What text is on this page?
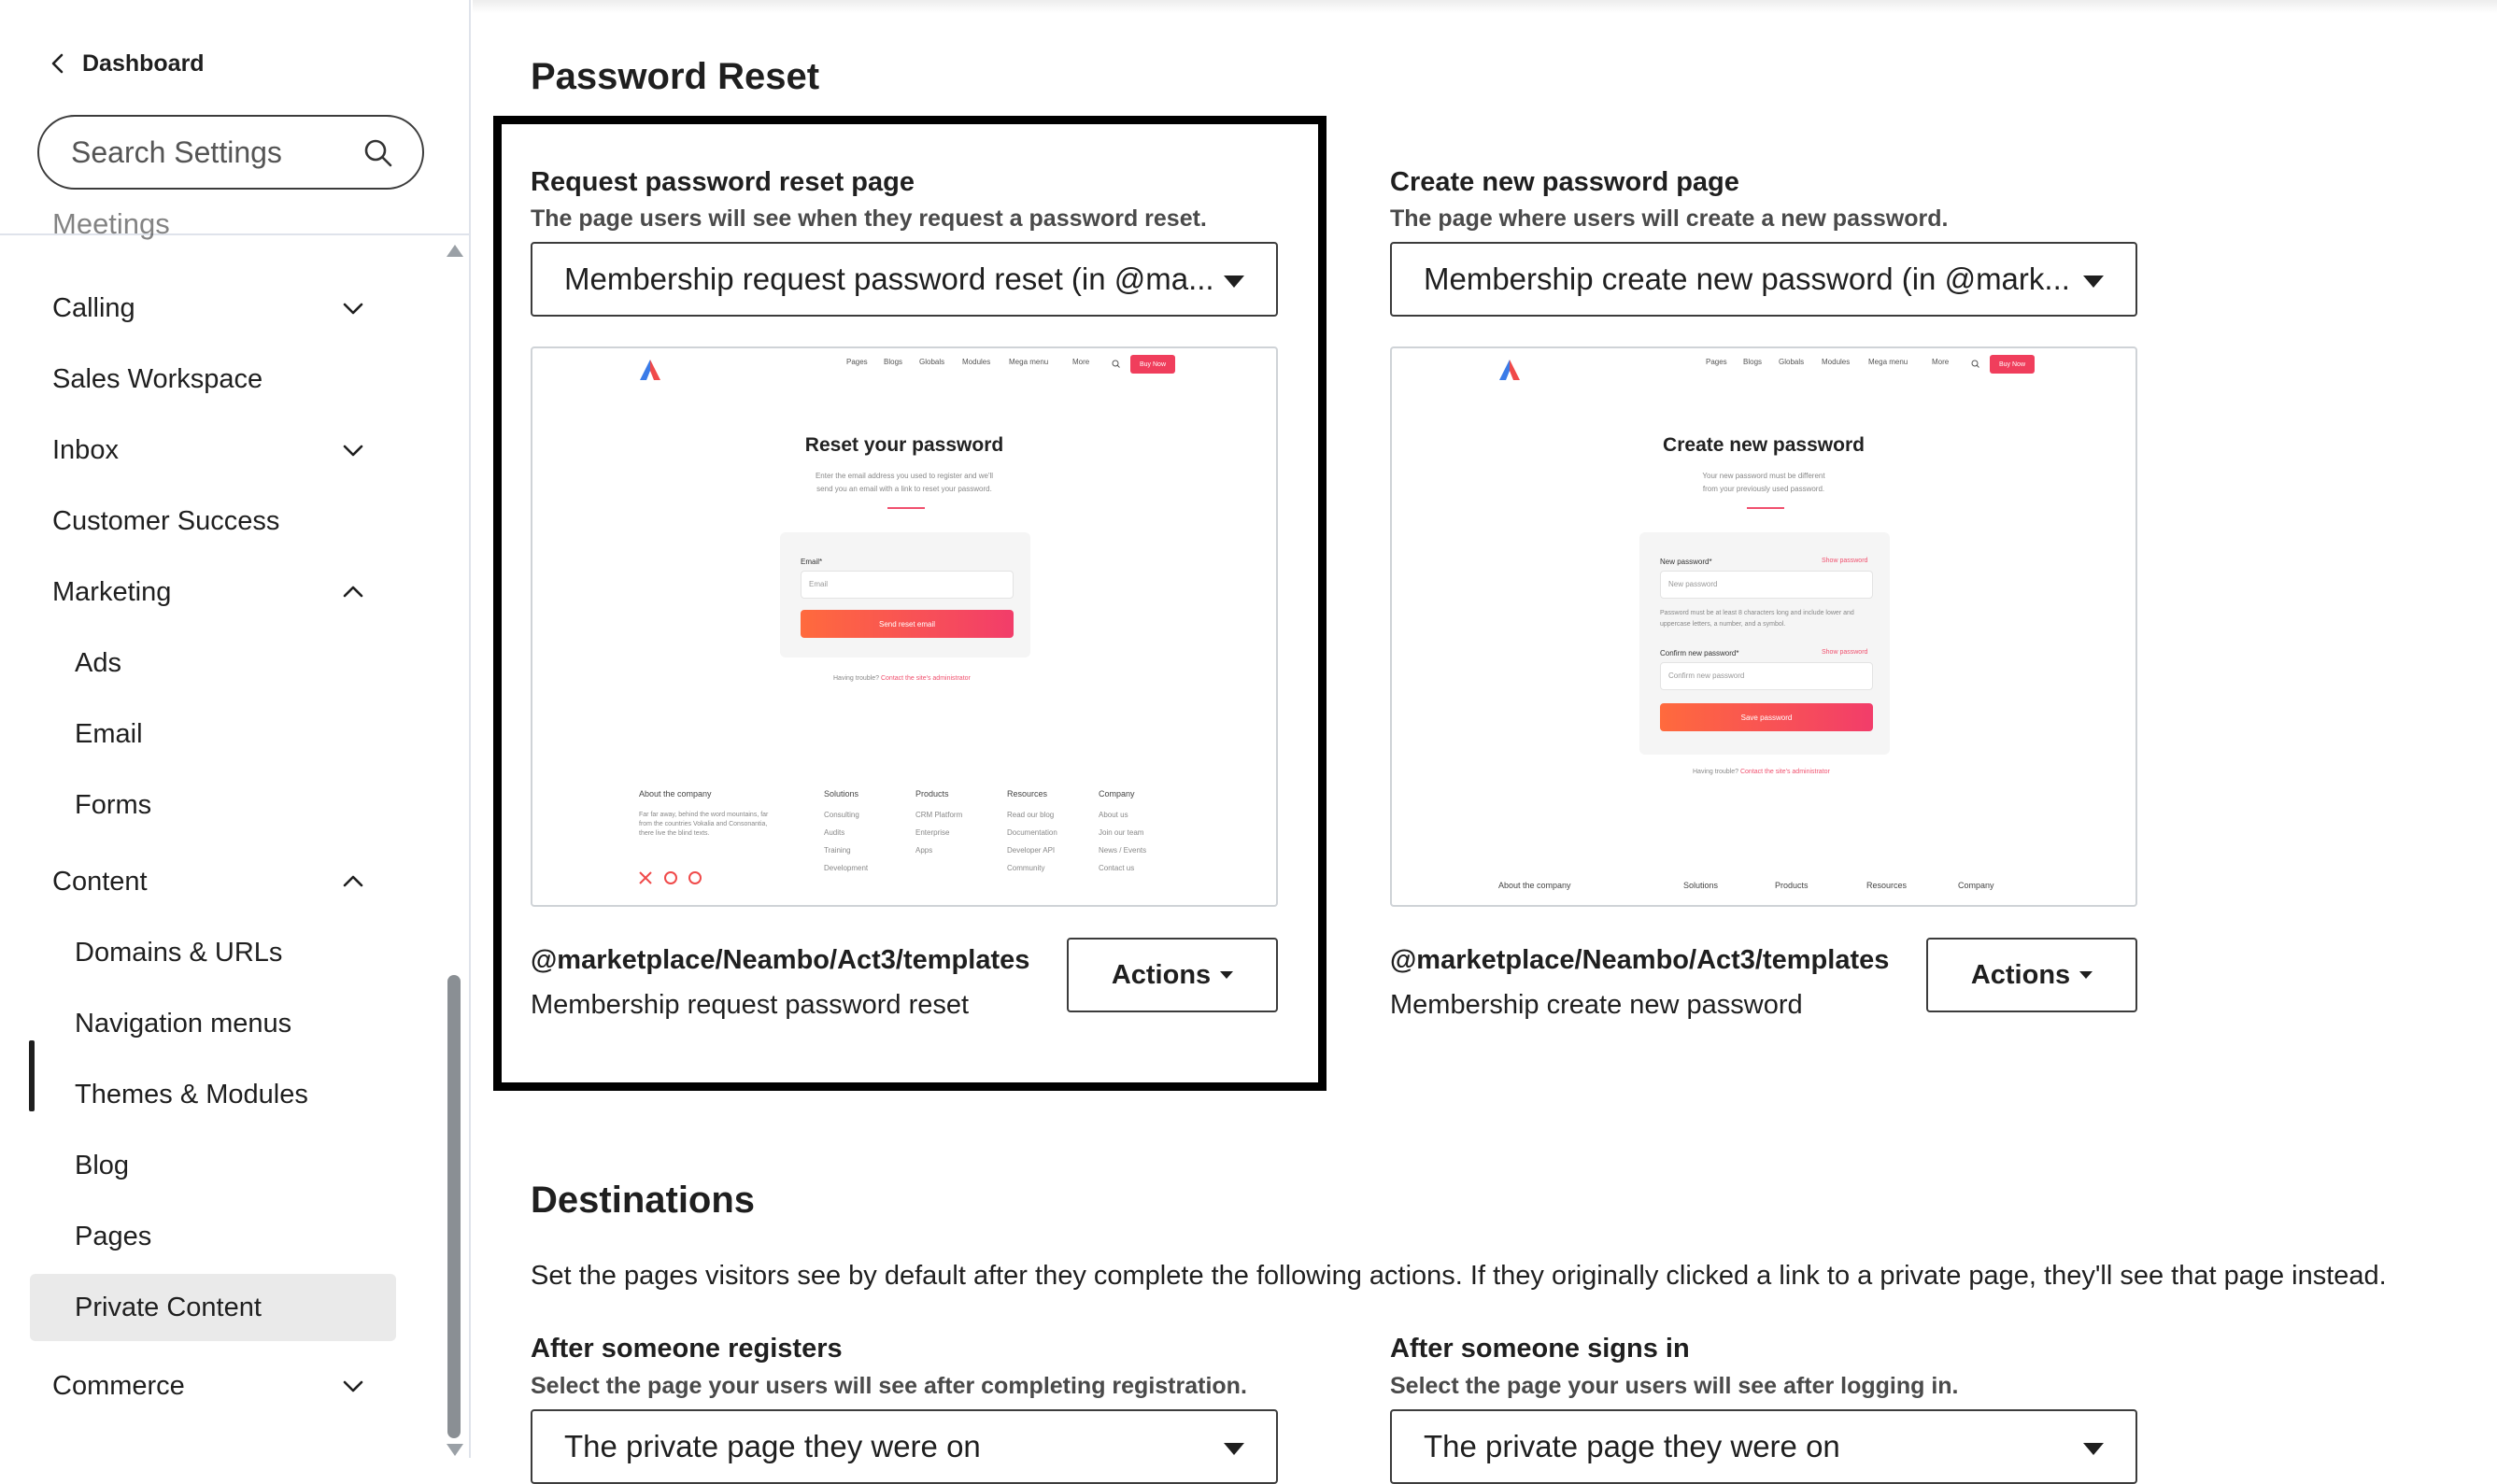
Dashboard
Search Settings
Meetings
Calling
Sales Workspace
Inbox
Customer Success
Marketing
Ads
Email
Forms
Content
Domains & URLs
Navigation menus
Themes & Modules
Blog
Pages
Private Content
Commerce
Password Reset
Request password reset page
The page users will see when they request a password reset.
Membership request password reset (in @ma...
Pages Blogs Globals Modules Mega menu	More	Buy Now
Reset your password
Enter the email address you used to register and we'll
send you an email with a link to reset your password.
Email*
Email
Send reset email
Having trouble? Contact the site's administrator
About the company
Far far away, behind the word mountains, far
from the countries Vokalia and Consonantia,
there live the blind texts.
Solutions
Consulting
Audits
Training
Development
Products
CRM Platform
Enterprise
Apps
Resources
Read our blog
Documentation
Developer API
Community
Company
About us
Join our team
News / Events
Contact us
@marketplace/Neambo/Act3/templates
Membership request password reset
Actions
Create new password page
The page where users will create a new password.
Membership create new password (in @mark...
Pages Blogs Globals Modules Mega menu	More	Buy Now
Create new password
Your new password must be different
from your previously used password.
New password*	Show password
New password
Password must be at least 8 characters long and include lower and
uppercase letters, a number, and a symbol.
Confirm new password*	Show password
Confirm new password
Save password
Having trouble? Contact the site's administrator
About the company	Solutions	Products	Resources	Company
@marketplace/Neambo/Act3/templates
Membership create new password
Actions
Destinations
Set the pages visitors see by default after they complete the following actions. If they originally clicked a link to a private page, they'll see that page instead.
After someone registers
Select the page your users will see after completing registration.
The private page they were on
After someone signs in
Select the page your users will see after logging in.
The private page they were on
